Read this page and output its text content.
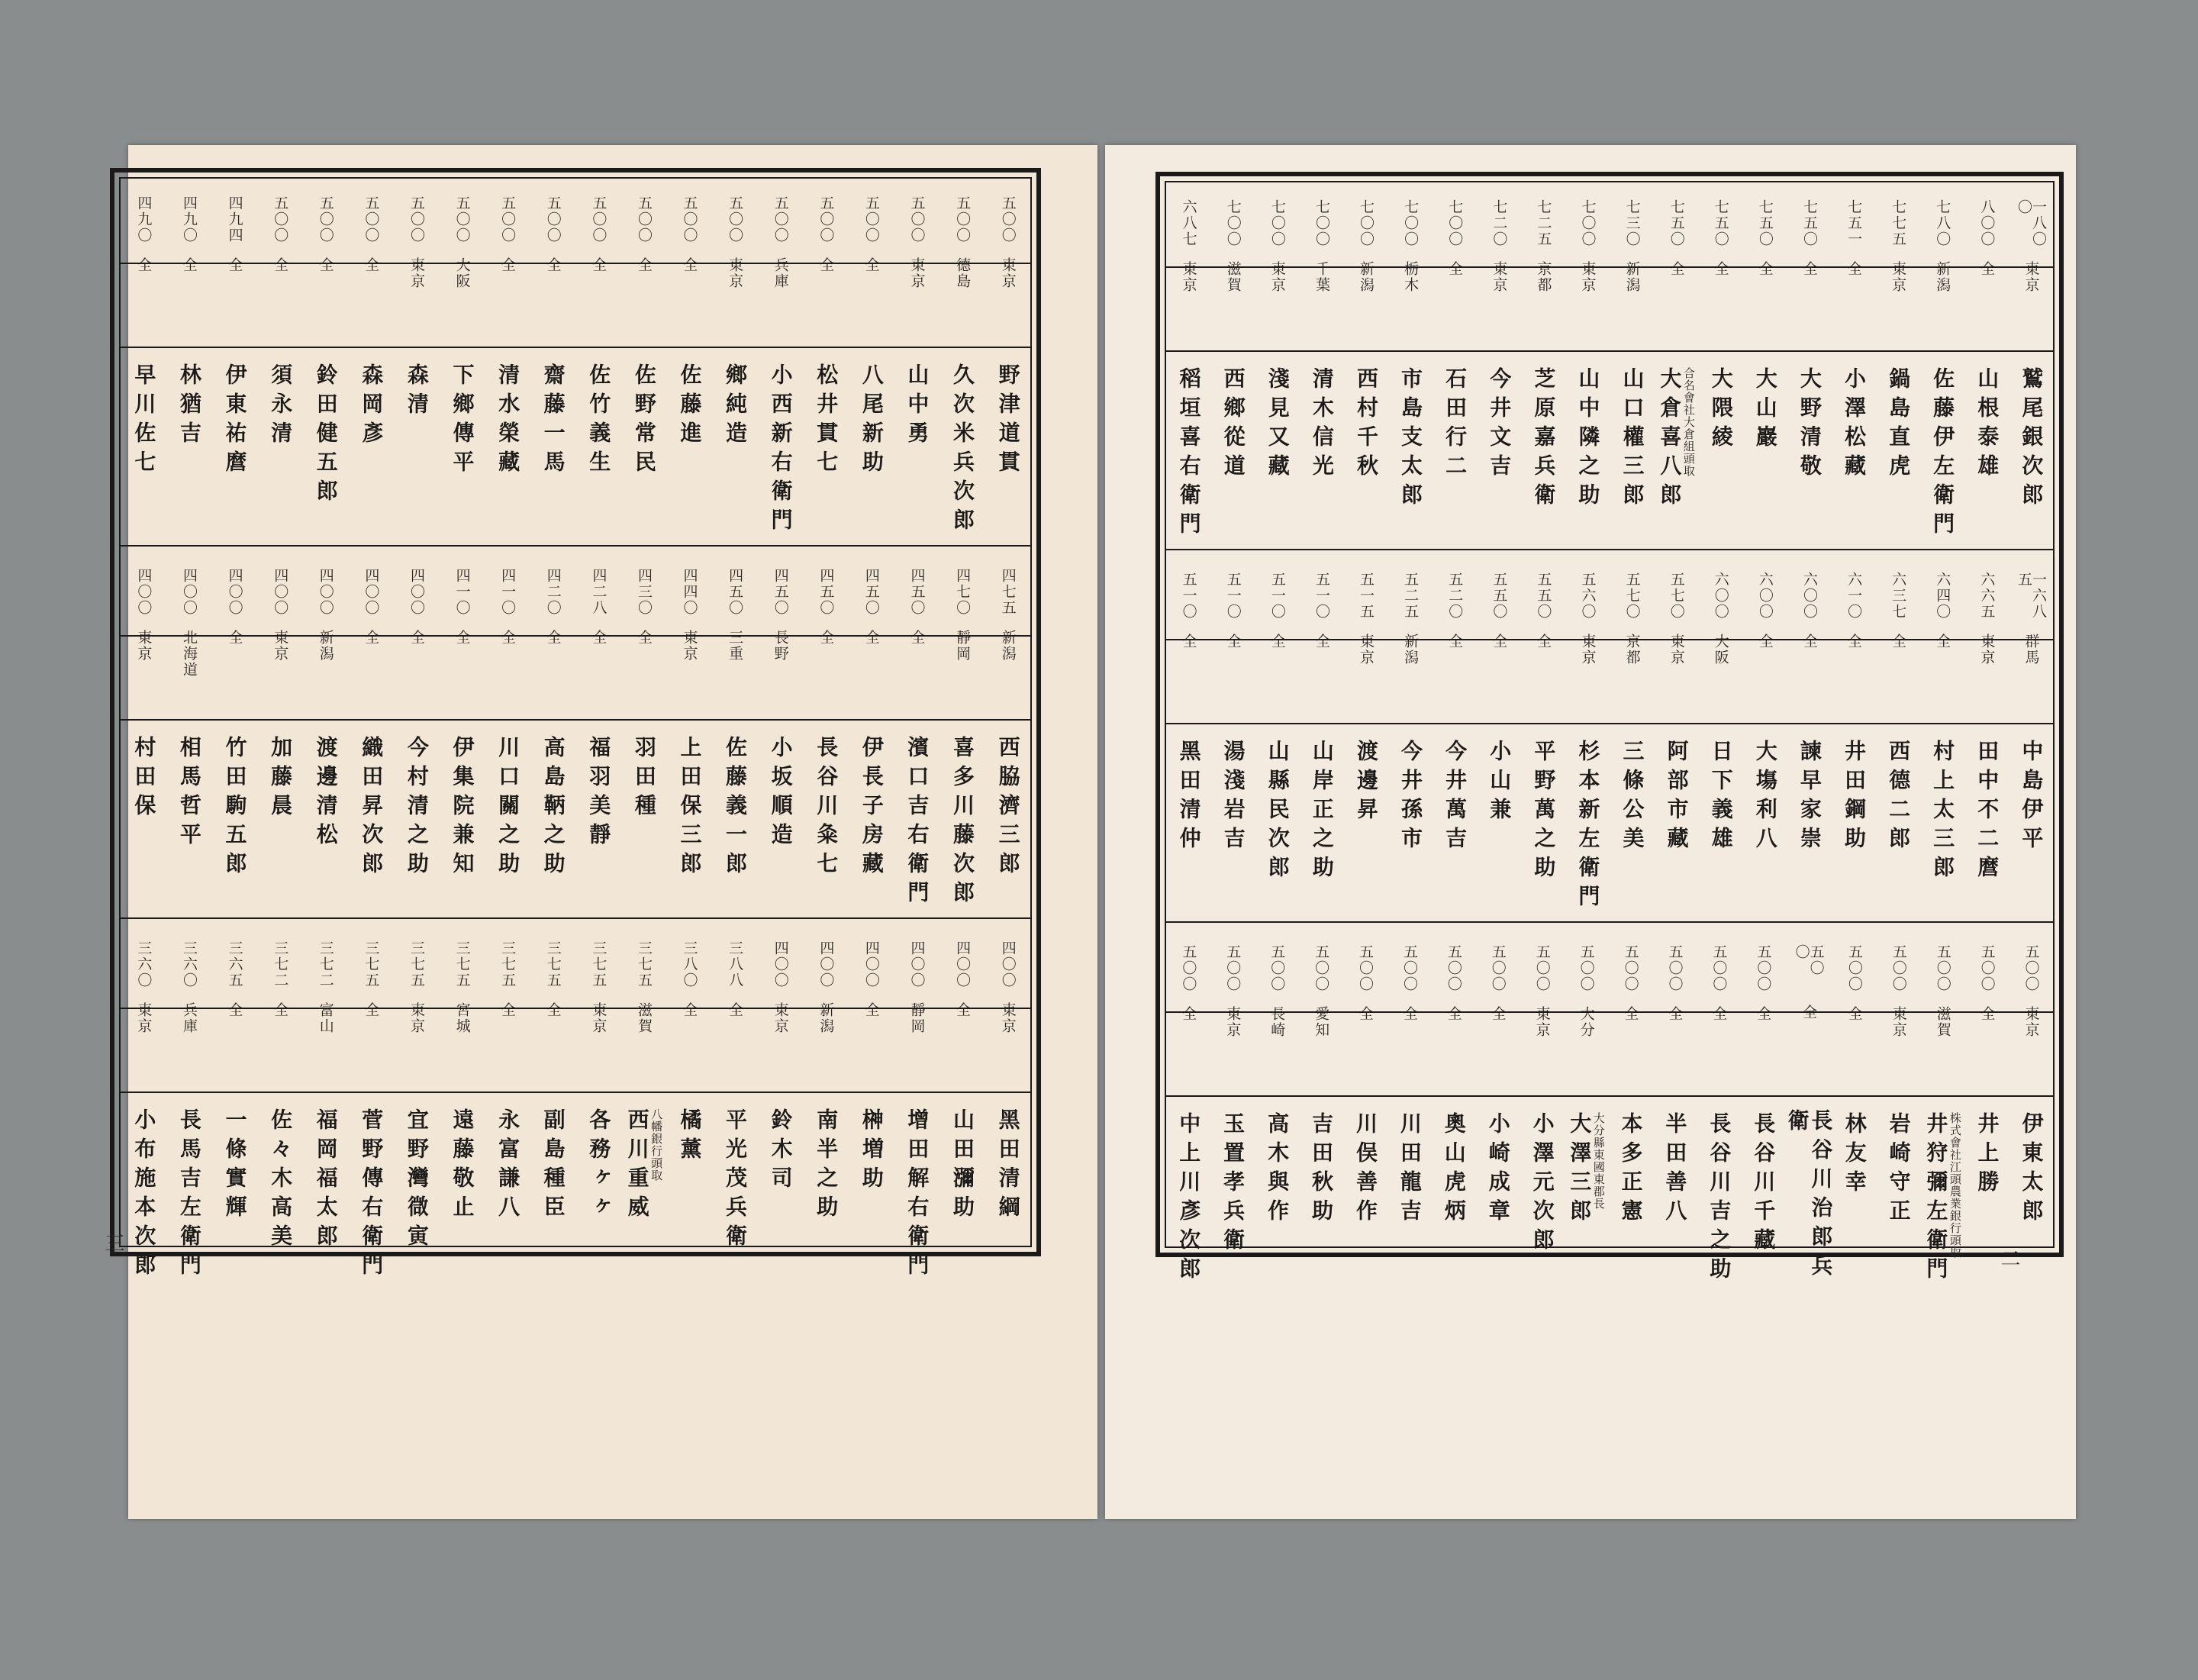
五〇〇
東京
野津道貫
五〇〇
德島
久次米兵次郎
五〇〇
東京
山中勇
五〇〇
全
八尾新助
五〇〇
全
松井貫七
五〇〇
兵庫
小西新右衛門
五〇〇
東京
鄉純造
五〇〇
全
佐藤進
五〇〇
全
佐野常民
五〇〇
全
佐竹義生
五〇〇
全
齋藤一馬
五〇〇
全
清水榮藏
五〇〇
大阪
下鄉傳平
五〇〇
東京
森清
五〇〇
全
森岡彥
五〇〇
全
鈴田健五郎
五〇〇
全
須永清
四九四
全
伊東祐麿
四九〇
全
林猶吉
四九〇
全
早川佐七
四七五
新潟
西脇濟三郎
四七〇
靜岡
喜多川藤次郎
四五〇
全
濱口吉右衛門
四五〇
全
伊長子房藏
四五〇
全
長谷川粂七
四五〇
長野
小坂順造
四五〇
三重
佐藤義一郎
四四〇
東京
上田保三郎
四三〇
全
羽田種
四二八
全
福羽美靜
四二〇
全
高島鞆之助
四一〇
全
川口關之助
四一〇
全
伊集院兼知
四〇〇
全
今村清之助
四〇〇
全
織田昇次郎
四〇〇
新潟
渡邊清松
四〇〇
東京
加藤晨
四〇〇
全
竹田駒五郎
四〇〇
北海道
相馬哲平
四〇〇
東京
村田保
四〇〇
東京
黑田清綱
四〇〇
全
山田瀰助
四〇〇
靜岡
增田解右衛門
四〇〇
全
榊増助
四〇〇
新潟
南半之助
四〇〇
東京
鈴木司
三八八
全
平光茂兵衛
三八〇
全
橘薰
三七五
滋賀
八幡銀行頭取
西川重威
三七五
東京
各務ヶヶ
三七五
全
副島種臣
三七五
全
永富謙八
三七五
宮城
遠藤敬止
三七五
東京
宜野灣㣲寅
三七五
全
菅野傳右衛門
三七二
富山
福岡福太郎
三七二
全
佐々木高美
三六五
全
一條實輝
三六〇
兵庫
長馬吉左衛門
三六〇
東京
小布施本次郎
三
一八〇〇
東京
鷲尾銀次郎
八〇〇
全
山根泰雄
七八〇
新潟
佐藤伊左衛門
七七五
東京
鍋島直虎
七五一
全
小澤松藏
七五〇
全
大野清敬
七五〇
全
大山巖
七五〇
全
大隈綾
七五〇
全
合名會社大倉組頭取
大倉喜八郎
七三〇
新潟
山口權三郎
七〇〇
東京
山中隣之助
七二五
京都
芝原嘉兵衛
七二〇
東京
今井文吉
七〇〇
全
石田行二
七〇〇
栃木
市島支太郎
七〇〇
新潟
西村千秋
七〇〇
千葉
清木信光
七〇〇
東京
淺見又藏
七〇〇
滋賀
西鄉從道
六八七
東京
稻垣喜右衛門
一六八五
群馬
中島伊平
六六五
東京
田中不二麿
六四〇
全
村上太三郎
六三七
全
西德二郎
六一〇
全
井田鋼助
六〇〇
全
諫早家崇
六〇〇
全
大塲利八
六〇〇
大阪
日下義雄
五七〇
東京
阿部市藏
五七〇
京都
三條公美
五六〇
東京
杉本新左衛門
五五〇
全
平野萬之助
五五〇
全
小山兼
五二〇
全
今井萬吉
五二五
新潟
今井孫市
五一五
東京
渡邊昇
五一〇
全
山岸正之助
五一〇
全
山縣民次郎
五一〇
全
湯淺岩吉
五一〇
全
黑田清仲
五〇〇
東京
伊東太郎
五〇〇
全
井上勝
五〇〇
滋賀
株式會社江頭農業銀行頭取
井狩彌左衛門
五〇〇
東京
岩崎守正
五〇〇
全
林友幸
五〇〇
全
長谷川治郎兵衛
五〇〇
全
長谷川千藏
五〇〇
全
長谷川吉之助
五〇〇
全
半田善八
五〇〇
全
本多正憲
五〇〇
大分
大分縣東國東郡長
大澤三郎
五〇〇
東京
小澤元次郎
五〇〇
全
小崎成章
五〇〇
全
奧山虎炳
五〇〇
全
川田龍吉
五〇〇
全
川俣善作
五〇〇
愛知
吉田秋助
五〇〇
長崎
高木與作
五〇〇
東京
玉置孝兵衛
五〇〇
全
中上川彥次郎	二
